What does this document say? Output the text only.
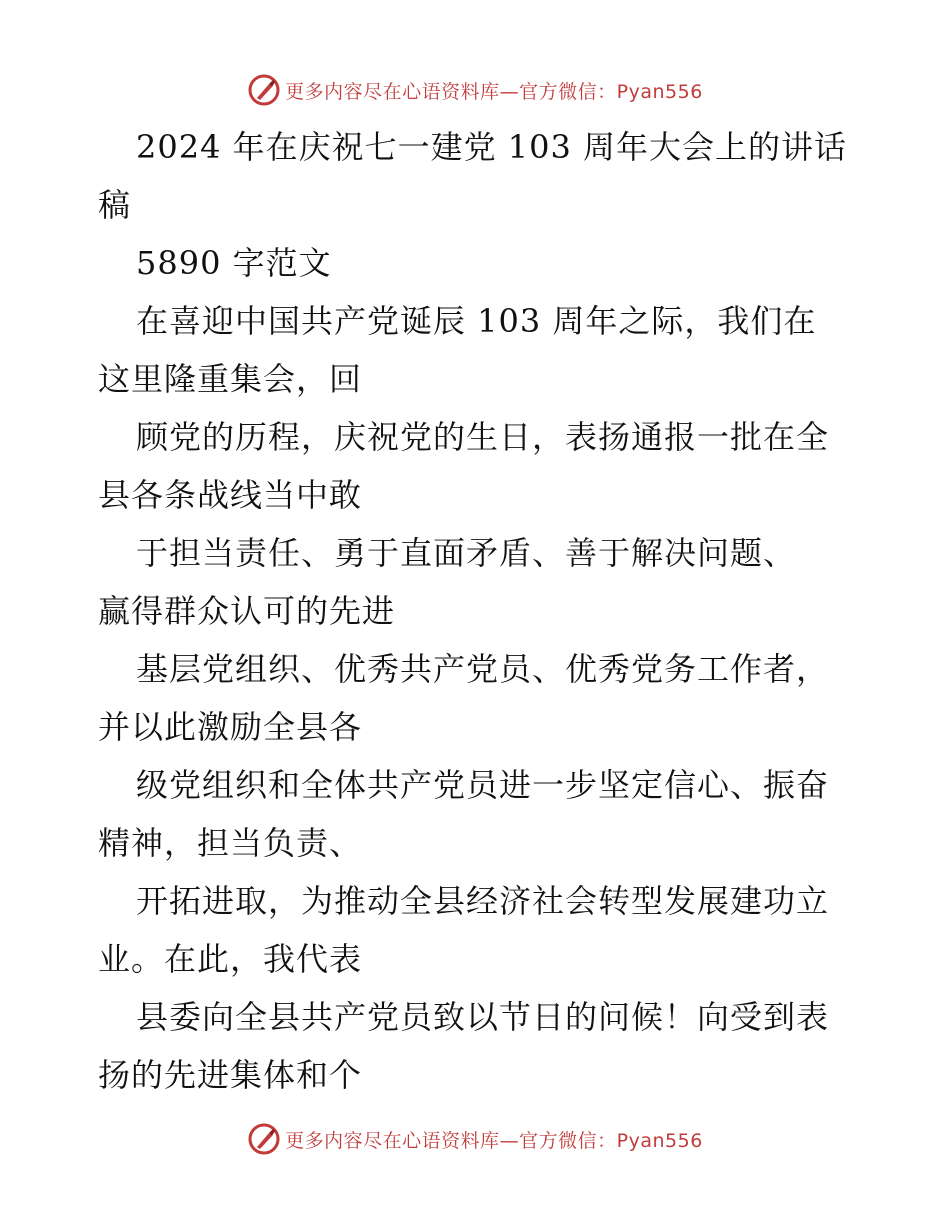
更多内容尽在心语资料库—官方微信：Pyan556
2024 年在庆祝七一建党 103 周年大会上的讲话
稿
5890 字范文
在喜迎中国共产党诞辰 103 周年之际，我们在
这里隆重集会，回
顾党的历程，庆祝党的生日，表扬通报一批在全
县各条战线当中敢
于担当责任、勇于直面矛盾、善于解决问题、
赢得群众认可的先进
基层党组织、优秀共产党员、优秀党务工作者，
并以此激励全县各
级党组织和全体共产党员进一步坚定信心、振奋
精神，担当负责、
开拓进取，为推动全县经济社会转型发展建功立
业。在此，我代表
县委向全县共产党员致以节日的问候！向受到表
扬的先进集体和个
更多内容尽在心语资料库—官方微信：Pyan556
